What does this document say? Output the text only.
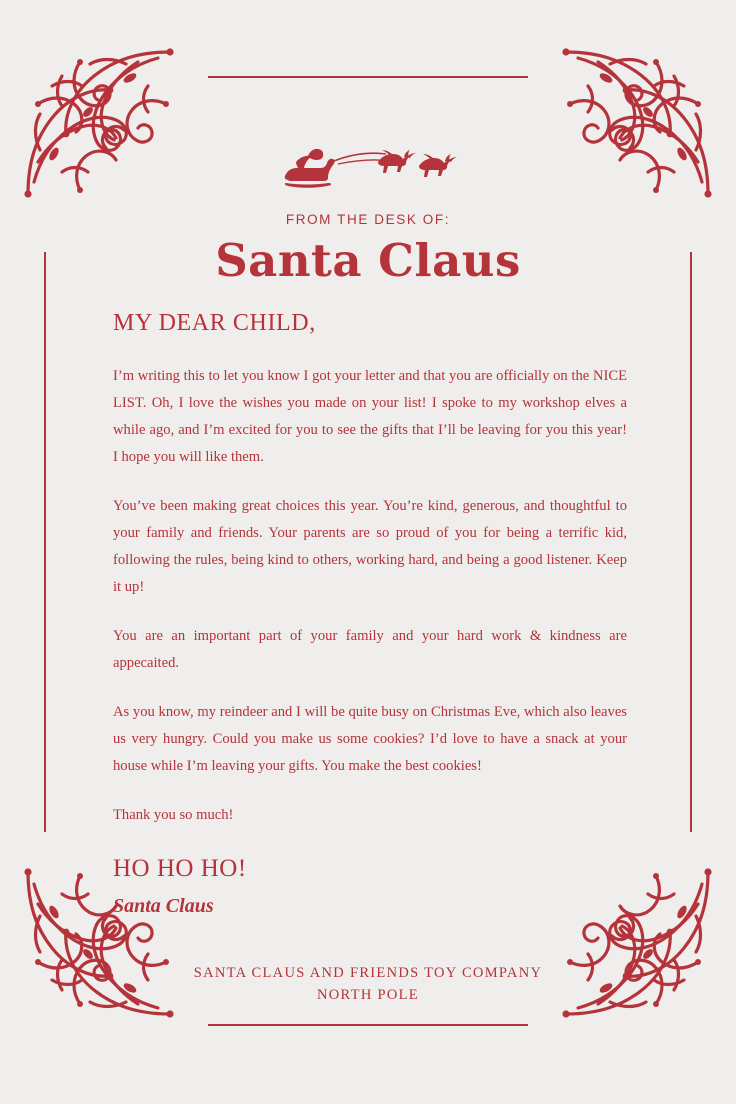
FROM THE DESK OF:
Santa Claus
MY DEAR CHILD,

I’m writing this to let you know I got your letter and that you are officially on the NICE LIST. Oh, I love the wishes you made on your list! I spoke to my workshop elves a while ago, and I’m excited for you to see the gifts that I’ll be leaving for you this year! I hope you will like them.

You’ve been making great choices this year. You’re kind, generous, and thoughtful to your family and friends. Your parents are so proud of you for being a terrific kid, following the rules, being kind to others, working hard, and being a good listener. Keep it up!

You are an important part of your family and your hard work & kindness are appecaited.

As you know, my reindeer and I will be quite busy on Christmas Eve, which also leaves us very hungry. Could you make us some cookies? I’d love to have a snack at your house while I’m leaving your gifts. You make the best cookies!

Thank you so much!

HO HO HO!
Santa Claus
SANTA CLAUS AND FRIENDS TOY COMPANY
NORTH POLE
